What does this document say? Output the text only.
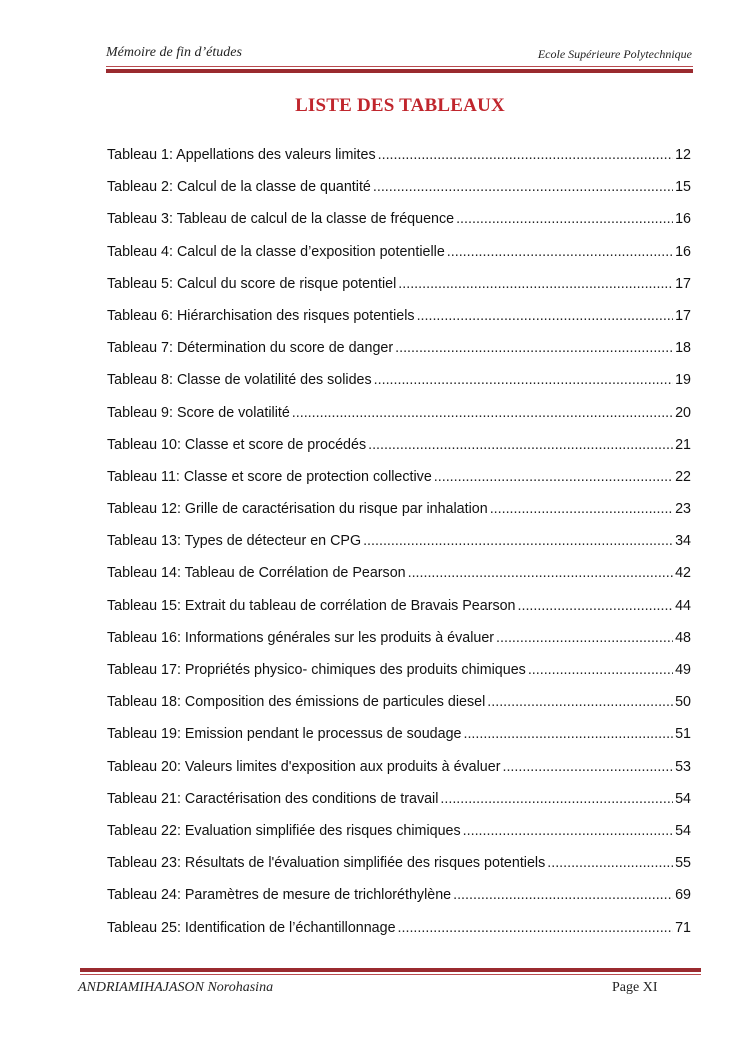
Mémoire de fin d’études	Ecole Supérieure Polytechnique
LISTE DES TABLEAUX
Tableau 1: Appellations des valeurs limites .....	12
Tableau 2: Calcul de la classe de quantité .....	15
Tableau 3: Tableau de calcul de la classe de fréquence .....	16
Tableau 4: Calcul de la classe d’exposition potentielle .....	16
Tableau 5: Calcul du score de risque potentiel .....	17
Tableau 6: Hiérarchisation des risques potentiels .....	17
Tableau 7: Détermination du score de danger .....	18
Tableau 8: Classe de volatilité des solides .....	19
Tableau 9: Score de volatilité .....	20
Tableau 10: Classe et score de procédés .....	21
Tableau 11: Classe et score de protection collective .....	22
Tableau 12: Grille de caractérisation du risque par inhalation .....	23
Tableau 13: Types de détecteur en CPG .....	34
Tableau 14: Tableau de Corrélation de Pearson .....	42
Tableau 15: Extrait du tableau de corrélation de Bravais Pearson .....	44
Tableau 16: Informations générales sur les produits à évaluer .....	48
Tableau 17: Propriétés physico- chimiques des produits chimiques .....	49
Tableau 18: Composition des émissions de particules diesel .....	50
Tableau 19: Emission pendant le processus de soudage .....	51
Tableau 20: Valeurs limites d'exposition aux produits à évaluer .....	53
Tableau 21: Caractérisation des conditions de travail .....	54
Tableau 22: Evaluation simplifiée des risques chimiques .....	54
Tableau 23: Résultats de l'évaluation simplifiée des risques potentiels .....	55
Tableau 24: Paramètres de mesure de trichloréthylène .....	69
Tableau 25: Identification de l’échantillonnage .....	71
ANDRIAMIHAJASON Norohasina	Page XI
